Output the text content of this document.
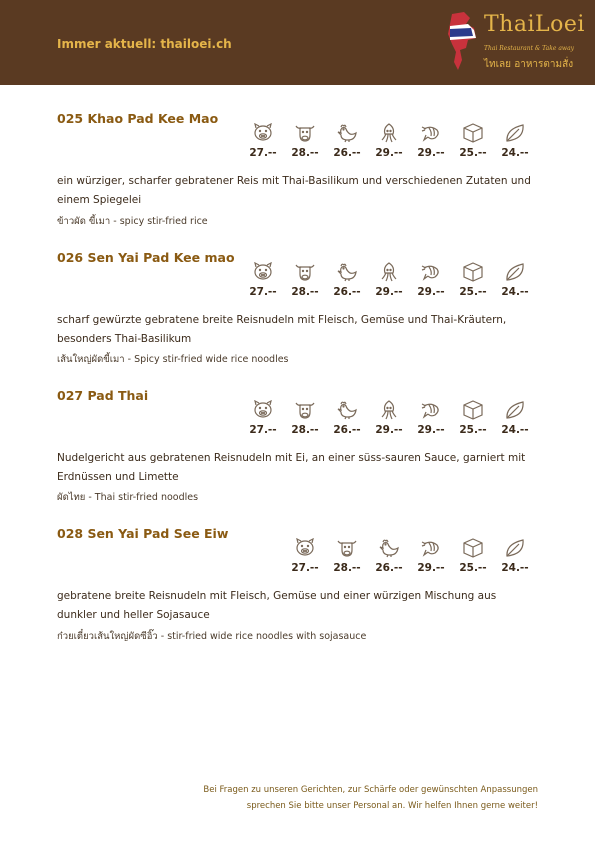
Immer aktuell: thailoei.ch
ThaiLoei
Thai Restaurant & Take away
ไทเลย อาหารตามสั่ง
025 Khao Pad Kee Mao
27.--	28.--	26.--	29.--	29.--	25.--	24.--
ein würziger, scharfer gebratener Reis mit Thai-Basilikum und verschiedenen Zutaten und einem Spiegelei
ข้าวผัด ขี้เมา - spicy stir-fried rice
026 Sen Yai Pad Kee mao
27.--	28.--	26.--	29.--	29.--	25.--	24.--
scharf gewürzte gebratene breite Reisnudeln mit Fleisch, Gemüse und Thai-Kräutern, besonders Thai-Basilikum
เส้นใหญ่ผัดขี้เมา - Spicy stir-fried wide rice noodles
027 Pad Thai
27.--	28.--	26.--	29.--	29.--	25.--	24.--
Nudelgericht aus gebratenen Reisnudeln mit Ei, an einer süss-sauren Sauce, garniert mit Erdnüssen und Limette
ผัดไทย - Thai stir-fried noodles
028 Sen Yai Pad See Eiw
27.--	28.--	26.--	29.--	25.--	24.--
gebratene breite Reisnudeln mit Fleisch, Gemüse und einer würzigen Mischung aus dunkler und heller Sojasauce
ก๋วยเตี๋ยวเส้นใหญ่ผัดซีอิ๊ว - stir-fried wide rice noodles with sojasauce
Bei Fragen zu unseren Gerichten, zur Schärfe oder gewünschten Anpassungen
sprechen Sie bitte unser Personal an. Wir helfen Ihnen gerne weiter!
